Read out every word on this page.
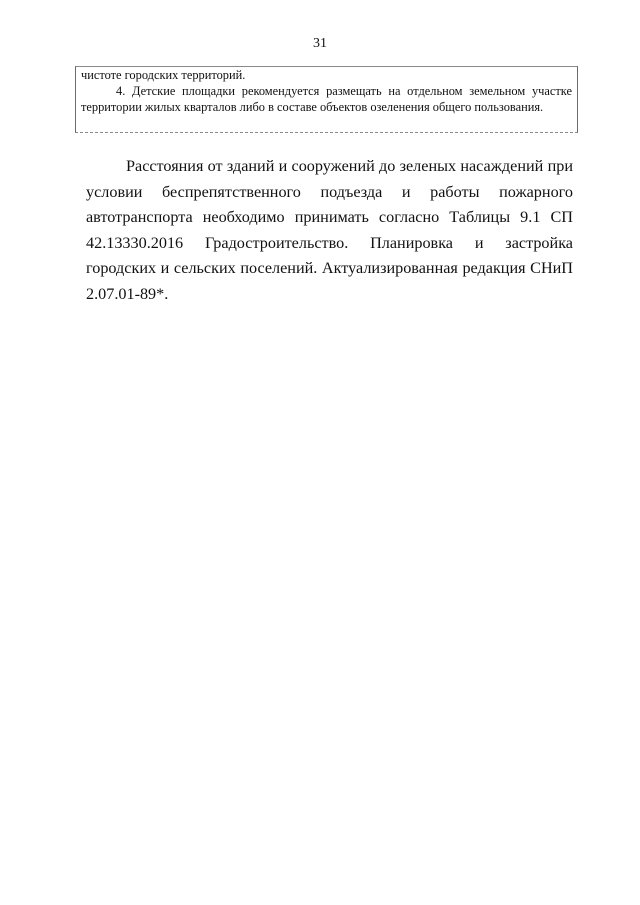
31

чистоте городских территорий.

4. Детские площадки рекомендуется размещать на отдельном земельном участке территории жилых кварталов либо в составе объектов озеленения общего пользования.

Расстояния от зданий и сооружений до зеленых насаждений при условии беспрепятственного подъезда и работы пожарного автотранспорта необходимо принимать согласно Таблицы 9.1 СП 42.13330.2016 Градостроительство. Планировка и застройка городских и сельских поселений. Актуализированная редакция СНиП 2.07.01-89*.
